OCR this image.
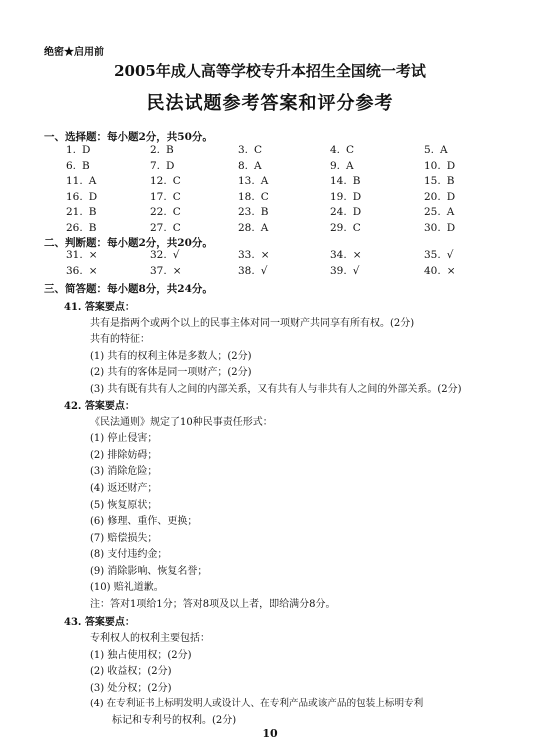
绝密★启用前
2005年成人高等学校专升本招生全国统一考试
民法试题参考答案和评分参考
一、选择题：每小题2分，共50分。
1. D	2. B	3. C	4. C	5. A
6. B	7. D	8. A	9. A	10. D
11. A	12. C	13. A	14. B	15. B
16. D	17. C	18. C	19. D	20. D
21. B	22. C	23. B	24. D	25. A
26. B	27. C	28. A	29. C	30. D
二、判断题：每小题2分，共20分。
31. ×	32. √	33. ×	34. ×	35. √
36. ×	37. ×	38. √	39. √	40. ×
三、简答题：每小题8分，共24分。
41. 答案要点：
共有是指两个或两个以上的民事主体对同一项财产共同享有所有权。(2分)
共有的特征：
(1) 共有的权利主体是多数人；(2分)
(2) 共有的客体是同一项财产；(2分)
(3) 共有既有共有人之间的内部关系，又有共有人与非共有人之间的外部关系。(2分)
42. 答案要点：
《民法通则》规定了10种民事责任形式：
(1) 停止侵害；
(2) 排除妨碍；
(3) 消除危险；
(4) 返还财产；
(5) 恢复原状；
(6) 修理、重作、更换；
(7) 赔偿损失；
(8) 支付违约金；
(9) 消除影响、恢复名誉；
(10) 赔礼道歉。
注：答对1项给1分；答对8项及以上者，即给满分8分。
43. 答案要点：
专利权人的权利主要包括：
(1) 独占使用权；(2分)
(2) 收益权；(2分)
(3) 处分权；(2分)
(4) 在专利证书上标明发明人或设计人、在专利产品或该产品的包装上标明专利
标记和专利号的权利。(2分)
10
